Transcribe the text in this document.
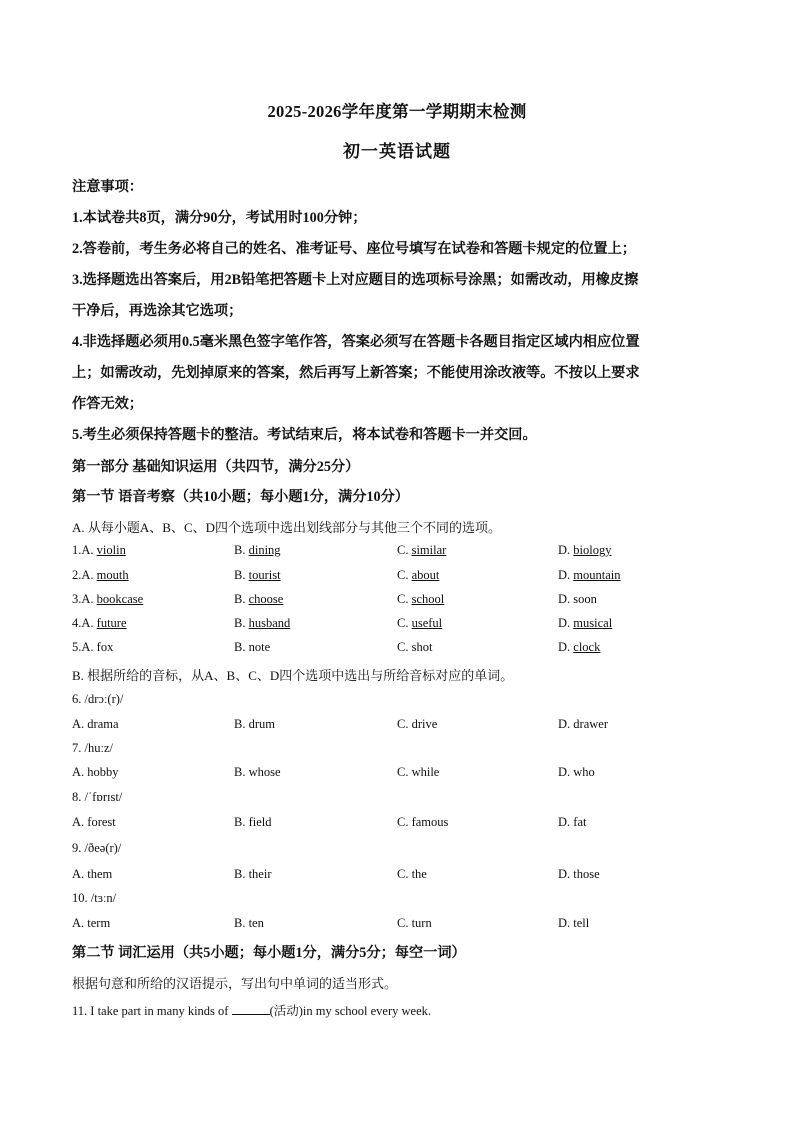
2025-2026学年度第一学期期末检测
初一英语试题
注意事项：
1.本试卷共8页，满分90分，考试用时100分钟；
2.答卷前，考生务必将自己的姓名、准考证号、座位号填写在试卷和答题卡规定的位置上；
3.选择题选出答案后，用2B铅笔把答题卡上对应题目的选项标号涂黑；如需改动，用橡皮擦
干净后，再选涂其它选项；
4.非选择题必须用0.5毫米黑色签字笔作答，答案必须写在答题卡各题目指定区域内相应位置
上；如需改动，先划掉原来的答案，然后再写上新答案；不能使用涂改液等。不按以上要求
作答无效；
5.考生必须保持答题卡的整洁。考试结束后，将本试卷和答题卡一并交回。
第一部分 基础知识运用（共四节，满分25分）
第一节 语音考察（共10小题；每小题1分，满分10分）
A. 从每小题A、B、C、D四个选项中选出划线部分与其他三个不同的选项。
1.A. violin	B. dining	C. similar	D. biology
2.A. mouth	B. tourist	C. about	D. mountain
3.A. bookcase	B. choose	C. school	D. soon
4.A. future	B. husband	C. useful	D. musical
5.A. fox	B. note	C. shot	D. clock
B. 根据所给的音标，从A、B、C、D四个选项中选出与所给音标对应的单词。
6. /drɔː(r)/
A. drama	B. drum	C. drive	D. drawer
7. /huːz/
A. hobby	B. whose	C. while	D. who
8. /ˈfɒrɪst/
A. forest	B. field	C. famous	D. fat
9. /ðeə(r)/
A. them	B. their	C. the	D. those
10. /tɜːn/
A. term	B. ten	C. turn	D. tell
第二节 词汇运用（共5小题；每小题1分，满分5分；每空一词）
根据句意和所给的汉语提示，写出句中单词的适当形式。
11. I take part in many kinds of	(活动)in my school every week.
